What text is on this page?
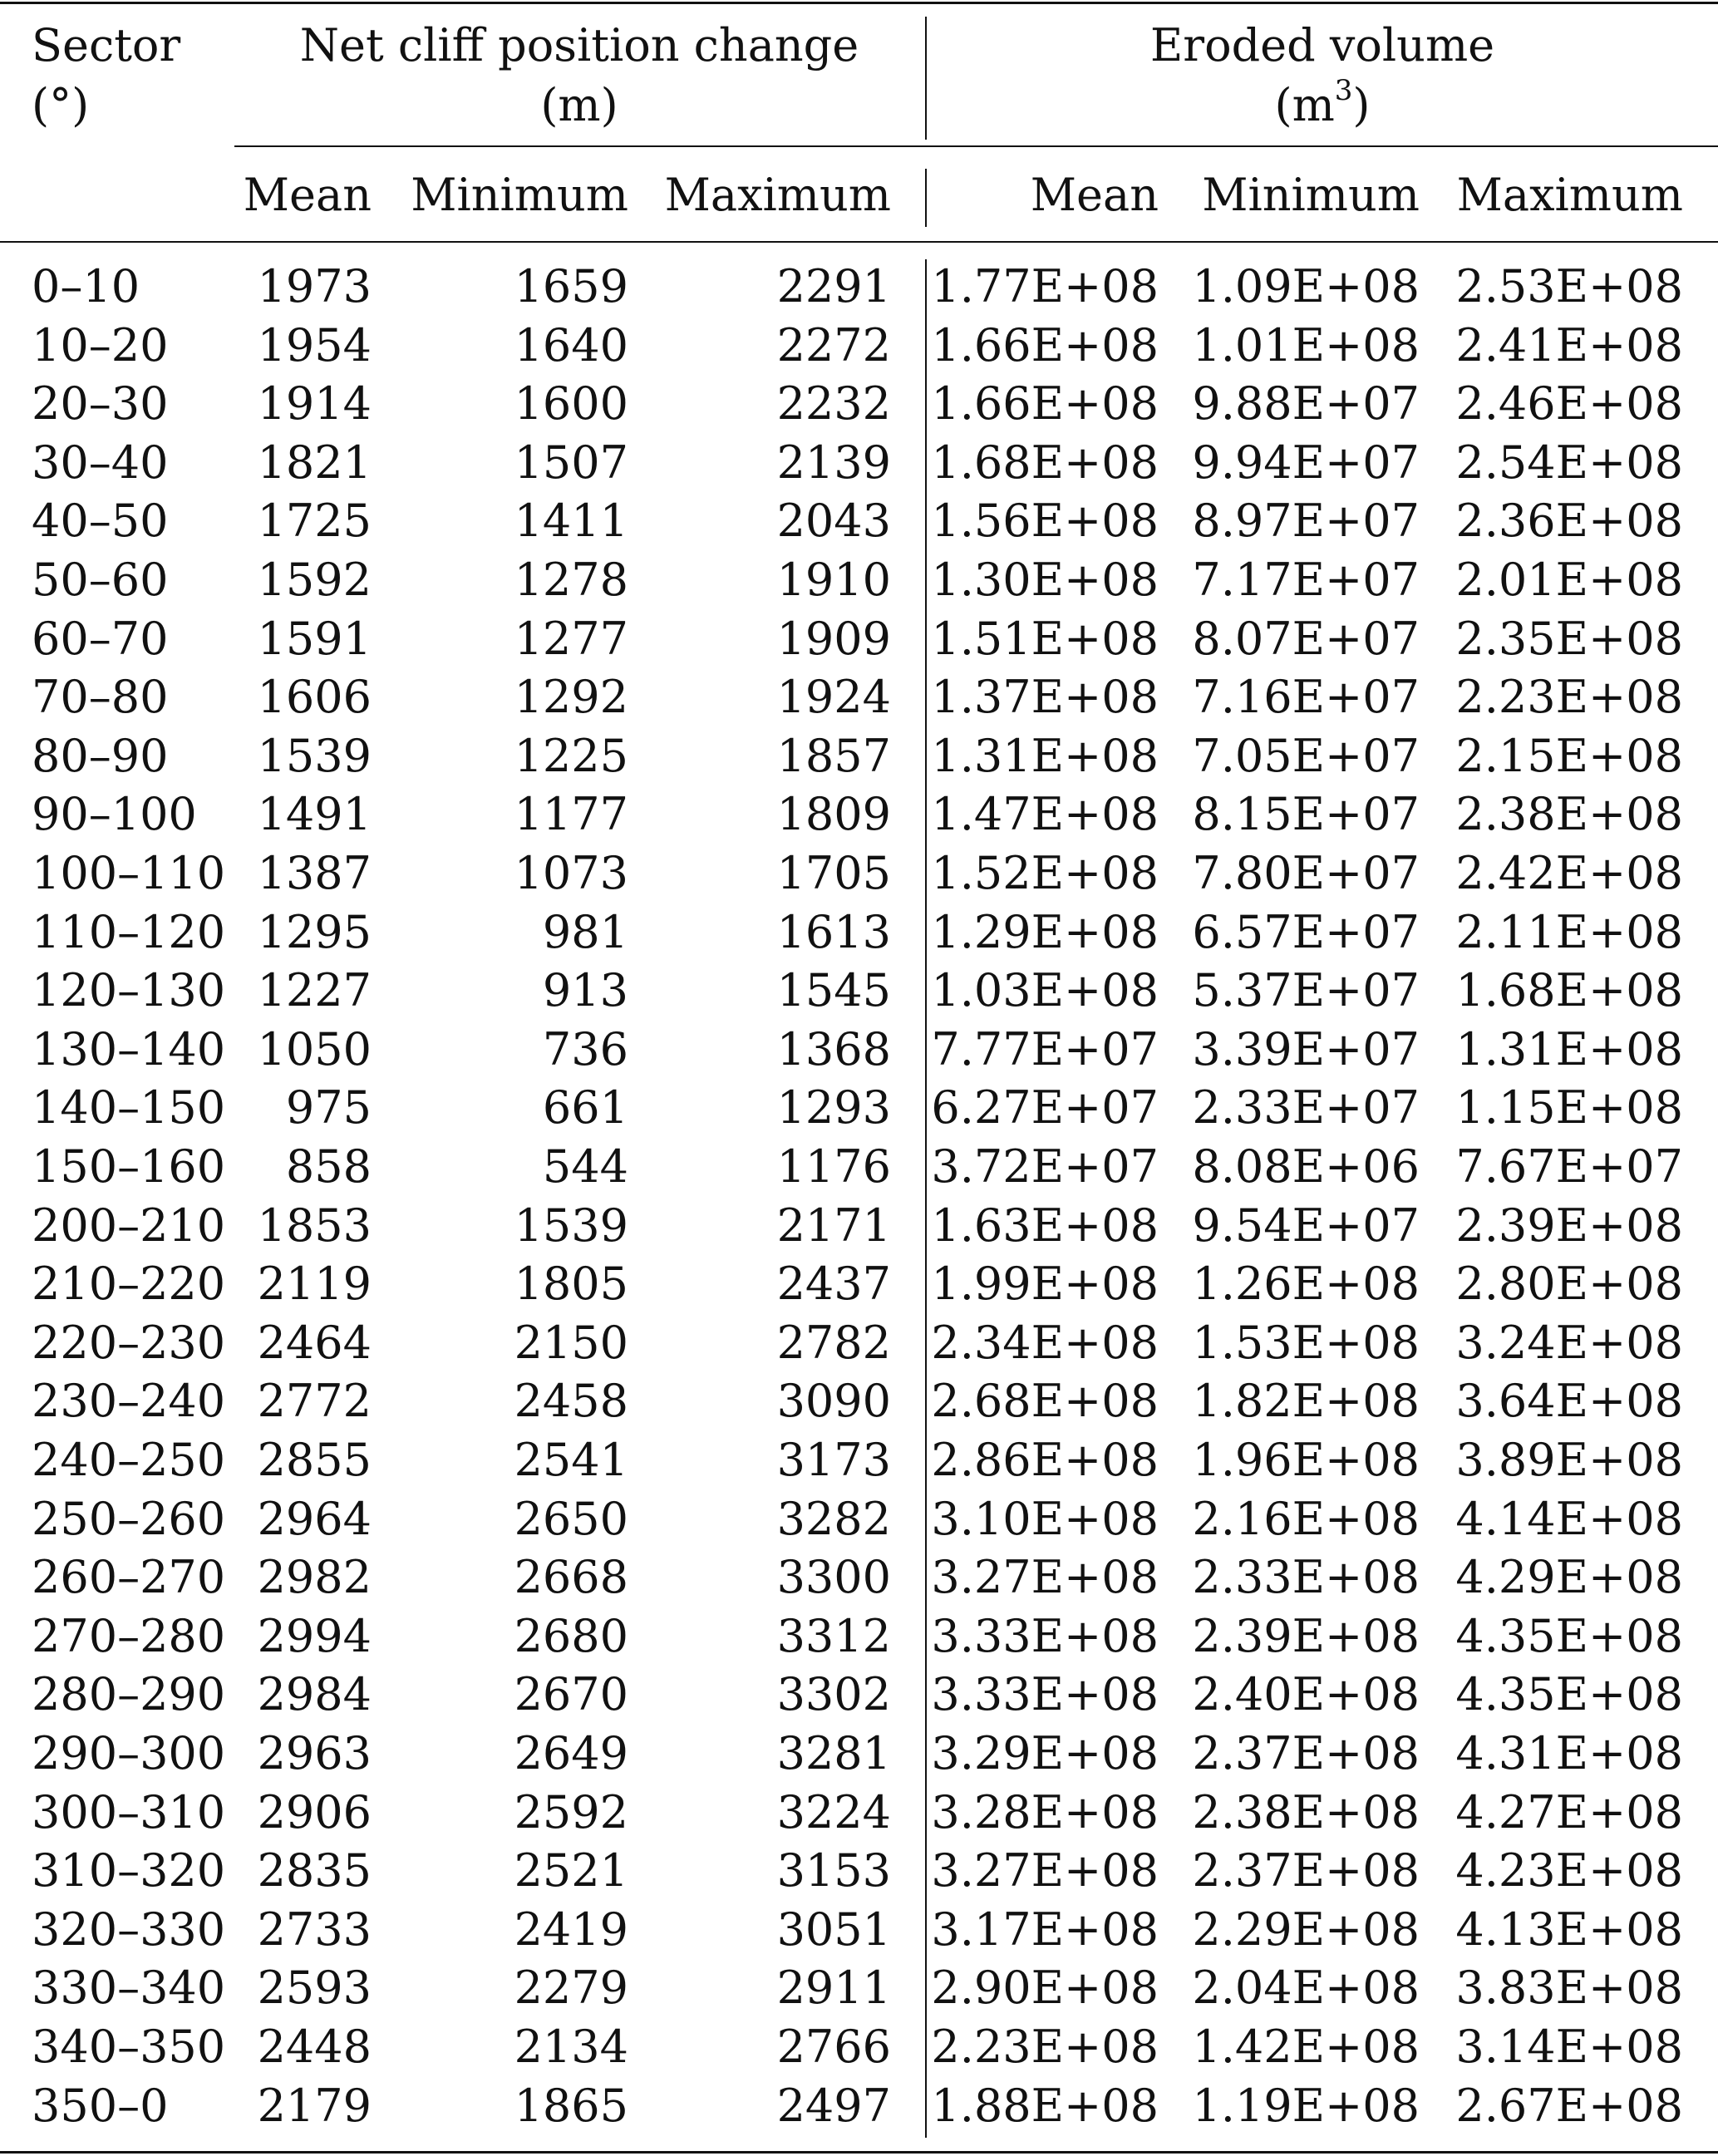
Sector
(°)
Net cliff position change
(m)
Eroded volume
$(m^3)$
Mean Minimum Maximum	Mean Minimum Maximum
0–10	1973	1659	2291 1.77E+08 1.09E+08 2.53E+08
10–20	1954	1640	2272 1.66E+08 1.01E+08 2.41E+08
20–30	1914	1600	2232 1.66E+08 9.88E+07 2.46E+08
30–40	1821	1507	2139 1.68E+08 9.94E+07 2.54E+08
40–50	1725	1411	2043 1.56E+08 8.97E+07 2.36E+08
50–60	1592	1278	1910 1.30E+08 7.17E+07 2.01E+08
60–70	1591	1277	1909 1.51E+08 8.07E+07 2.35E+08
70–80	1606	1292	1924 1.37E+08 7.16E+07 2.23E+08
80–90	1539	1225	1857 1.31E+08 7.05E+07 2.15E+08
90–100	1491	1177	1809 1.47E+08 8.15E+07 2.38E+08
100–110 1387	1073	1705 1.52E+08 7.80E+07 2.42E+08
110–120 1295	981	1613 1.29E+08 6.57E+07 2.11E+08
120–130 1227	913	1545 1.03E+08 5.37E+07 1.68E+08
130–140 1050	736	1368 7.77E+07 3.39E+07 1.31E+08
140–150	975	661	1293 6.27E+07 2.33E+07 1.15E+08
150–160	858	544	1176 3.72E+07 8.08E+06 7.67E+07
200–210 1853	1539	2171 1.63E+08 9.54E+07 2.39E+08
210–220 2119	1805	2437 1.99E+08 1.26E+08 2.80E+08
220–230 2464	2150	2782 2.34E+08 1.53E+08 3.24E+08
230–240 2772	2458	3090 2.68E+08 1.82E+08 3.64E+08
240–250 2855	2541	3173 2.86E+08 1.96E+08 3.89E+08
250–260 2964	2650	3282 3.10E+08 2.16E+08 4.14E+08
260–270 2982	2668	3300 3.27E+08 2.33E+08 4.29E+08
270–280 2994	2680	3312 3.33E+08 2.39E+08 4.35E+08
280–290 2984	2670	3302 3.33E+08 2.40E+08 4.35E+08
290–300 2963	2649	3281 3.29E+08 2.37E+08 4.31E+08
300–310 2906	2592	3224 3.28E+08 2.38E+08 4.27E+08
310–320 2835	2521	3153 3.27E+08 2.37E+08 4.23E+08
320–330 2733	2419	3051 3.17E+08 2.29E+08 4.13E+08
330–340 2593	2279	2911 2.90E+08 2.04E+08 3.83E+08
340–350 2448	2134	2766 2.23E+08 1.42E+08 3.14E+08
350–0	2179	1865	2497 1.88E+08 1.19E+08 2.67E+08
